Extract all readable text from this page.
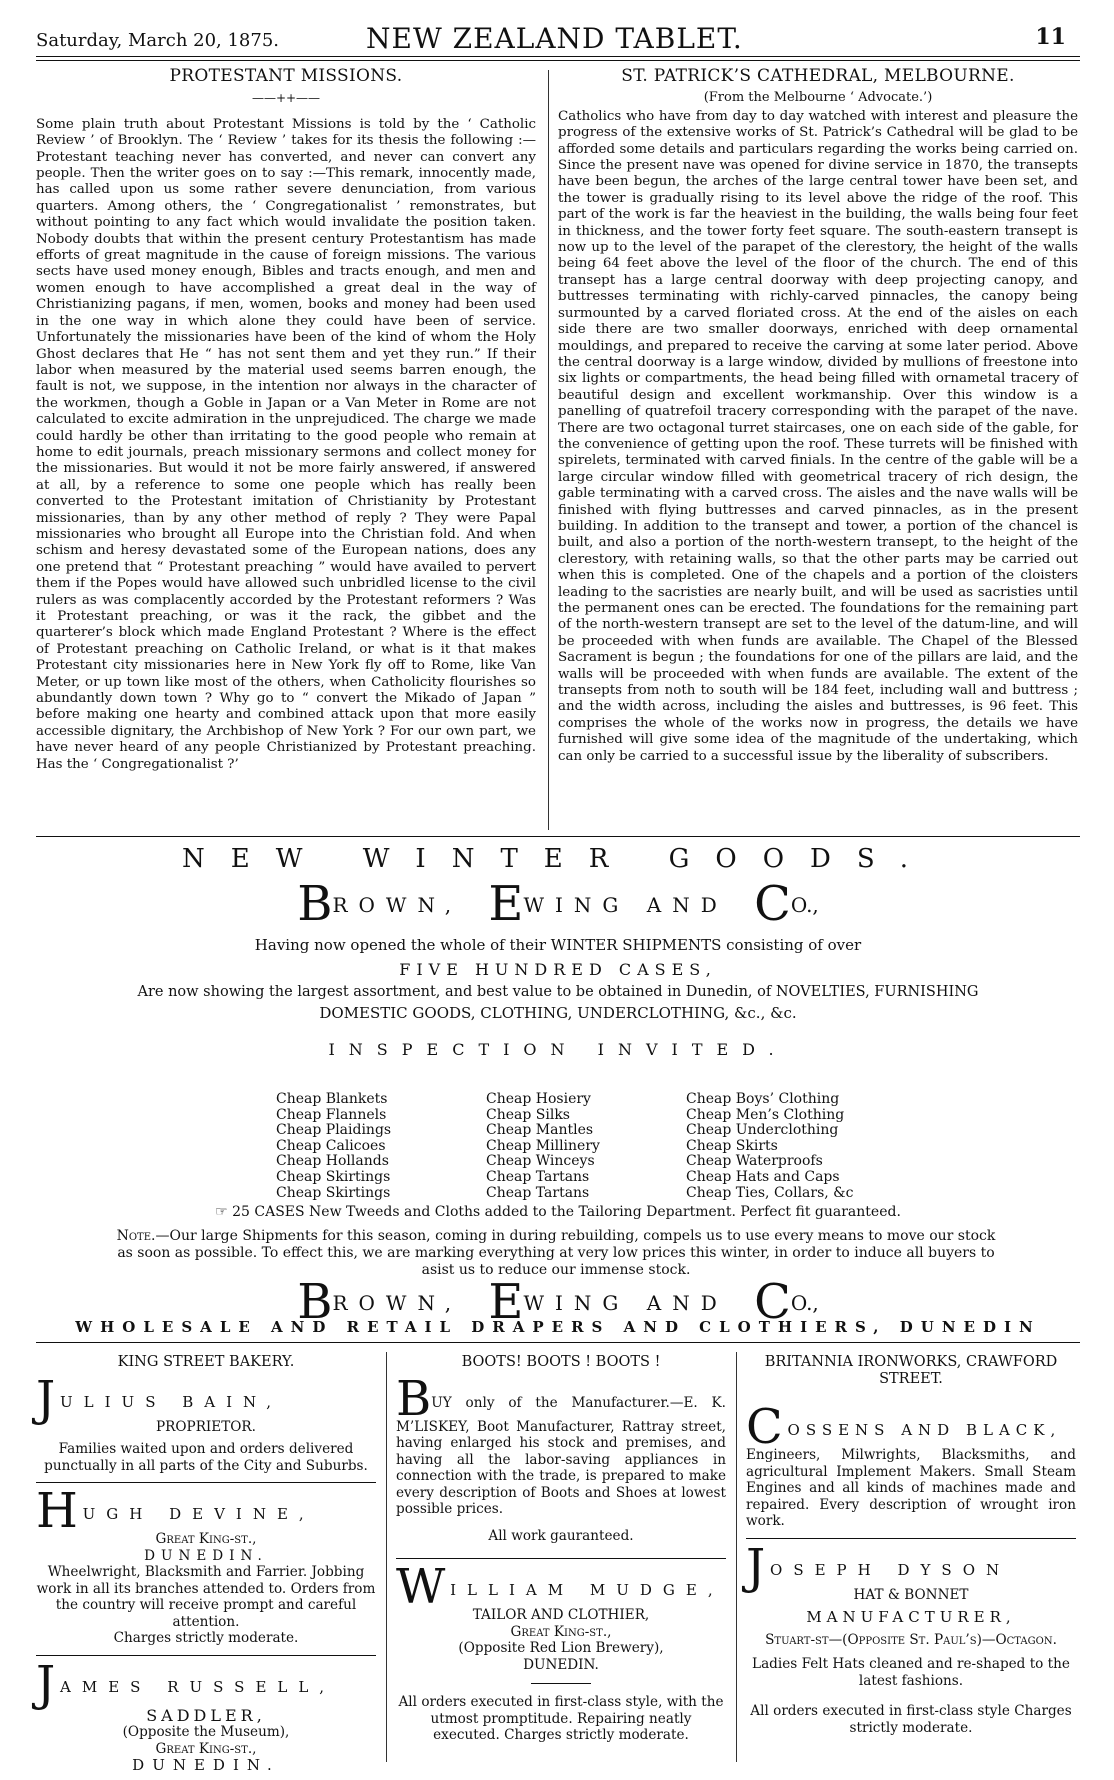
Saturday, March 20, 1875.	NEW ZEALAND TABLET.	11
PROTESTANT MISSIONS.
——++——

Some plain truth about Protestant Missions is told by the ‘ Catholic Review ’ of Brooklyn. The ‘ Review ’ takes for its thesis the following :—Protestant teaching never has converted, and never can convert any people. Then the writer goes on to say :—This remark, innocently made, has called upon us some rather severe denunciation, from various quarters. Among others, the ‘ Congregationalist ’ remonstrates, but without pointing to any fact which would invalidate the position taken. Nobody doubts that within the present century Protestantism has made efforts of great magnitude in the cause of foreign missions. The various sects have used money enough, Bibles and tracts enough, and men and women enough to have accomplished a great deal in the way of Christianizing pagans, if men, women, books and money had been used in the one way in which alone they could have been of service. Unfortunately the missionaries have been of the kind of whom the Holy Ghost declares that He “ has not sent them and yet they run.” If their labor when measured by the material used seems barren enough, the fault is not, we suppose, in the intention nor always in the character of the workmen, though a Goble in Japan or a Van Meter in Rome are not calculated to excite admiration in the unprejudiced. The charge we made could hardly be other than irritating to the good people who remain at home to edit journals, preach missionary sermons and collect money for the missionaries. But would it not be more fairly answered, if answered at all, by a reference to some one people which has really been converted to the Protestant imitation of Christianity by Protestant missionaries, than by any other method of reply ? They were Papal missionaries who brought all Europe into the Christian fold. And when schism and heresy devastated some of the European nations, does any one pretend that “ Protestant preaching ” would have availed to pervert them if the Popes would have allowed such unbridled license to the civil rulers as was complacently accorded by the Protestant reformers ? Was it Protestant preaching, or was it the rack, the gibbet and the quarterer’s block which made England Protestant ? Where is the effect of Protestant preaching on Catholic Ireland, or what is it that makes Protestant city missionaries here in New York fly off to Rome, like Van Meter, or up town like most of the others, when Catholicity flourishes so abundantly down town ? Why go to “ convert the Mikado of Japan ” before making one hearty and combined attack upon that more easily accessible dignitary, the Archbishop of New York ? For our own part, we have never heard of any people Christianized by Protestant preaching. Has the ‘ Congregationalist ?’

ST. PATRICK’S CATHEDRAL, MELBOURNE.
(From the Melbourne ‘ Advocate.’)

Catholics who have from day to day watched with interest and pleasure the progress of the extensive works of St. Patrick’s Cathedral will be glad to be afforded some details and particulars regarding the works being carried on. Since the present nave was opened for divine service in 1870, the transepts have been begun, the arches of the large central tower have been set, and the tower is gradually rising to its level above the ridge of the roof. This part of the work is far the heaviest in the building, the walls being four feet in thickness, and the tower forty feet square. The south-eastern transept is now up to the level of the parapet of the clerestory, the height of the walls being 64 feet above the level of the floor of the church. The end of this transept has a large central doorway with deep projecting canopy, and buttresses terminating with richly-carved pinnacles, the canopy being surmounted by a carved floriated cross. At the end of the aisles on each side there are two smaller doorways, enriched with deep ornamental mouldings, and prepared to receive the carving at some later period. Above the central doorway is a large window, divided by mullions of freestone into six lights or compartments, the head being filled with ornametal tracery of beautiful design and excellent workmanship. Over this window is a panelling of quatrefoil tracery corresponding with the parapet of the nave. There are two octagonal turret staircases, one on each side of the gable, for the convenience of getting upon the roof. These turrets will be finished with spirelets, terminated with carved finials. In the centre of the gable will be a large circular window filled with geometrical tracery of rich design, the gable terminating with a carved cross. The aisles and the nave walls will be finished with flying buttresses and carved pinnacles, as in the present building. In addition to the transept and tower, a portion of the chancel is built, and also a portion of the north-western transept, to the height of the clerestory, with retaining walls, so that the other parts may be carried out when this is completed. One of the chapels and a portion of the cloisters leading to the sacristies are nearly built, and will be used as sacristies until the permanent ones can be erected. The foundations for the remaining part of the north-western transept are set to the level of the datum-line, and will be proceeded with when funds are available. The Chapel of the Blessed Sacrament is begun ; the foundations for one of the pillars are laid, and the walls will be proceeded with when funds are available. The extent of the transepts from noth to south will be 184 feet, including wall and buttress ; and the width across, including the aisles and buttresses, is 96 feet. This comprises the whole of the works now in progress, the details we have furnished will give some idea of the magnitude of the undertaking, which can only be carried to a successful issue by the liberality of subscribers.

NEW WINTER GOODS.
BROWN, EWING AND CO.,
Having now opened the whole of their WINTER SHIPMENTS consisting of over
FIVE HUNDRED CASES,
Are now showing the largest assortment, and best value to be obtained in Dunedin, of NOVELTIES, FURNISHING
DOMESTIC GOODS, CLOTHING, UNDERCLOTHING, &c., &c.
INSPECTION INVITED.
Cheap Blankets
Cheap Flannels
Cheap Plaidings
Cheap Calicoes
Cheap Hollands
Cheap Skirtings
Cheap Skirtings
Cheap Hosiery
Cheap Silks
Cheap Mantles
Cheap Millinery
Cheap Winceys
Cheap Tartans
Cheap Tartans
Cheap Boys’ Clothing
Cheap Men’s Clothing
Cheap Underclothing
Cheap Skirts
Cheap Waterproofs
Cheap Hats and Caps
Cheap Ties, Collars, &c
☞ 25 CASES New Tweeds and Cloths added to the Tailoring Department. Perfect fit guaranteed.
Note.—Our large Shipments for this season, coming in during rebuilding, compels us to use every means to move our stock as soon as possible. To effect this, we are marking everything at very low prices this winter, in order to induce all buyers to asist us to reduce our immense stock.
BROWN, EWING AND CO.,
WHOLESALE AND RETAIL DRAPERS AND CLOTHIERS, DUNEDIN
KING STREET BAKERY.
J ULIUS BAIN,
PROPRIETOR.
Families waited upon and orders delivered punctually in all parts of the City and Suburbs.
H UGH DEVINE,
Great King-st.,
DUNEDIN.
Wheelwright, Blacksmith and Farrier. Jobbing work in all its branches attended to. Orders from the country will receive prompt and careful attention.
Charges strictly moderate.
J AMES RUSSELL,
SADDLER,
(Opposite the Museum),
Great King-st.,
DUNEDIN.
BOOTS! BOOTS ! BOOTS !
BUY only of the Manufacturer.—E. K. M’LISKEY, Boot Manufacturer, Rattray street, having enlarged his stock and premises, and having all the labor-saving appliances in connection with the trade, is prepared to make every description of Boots and Shoes at lowest possible prices.
All work gauranteed.
W ILLIAM MUDGE,
TAILOR AND CLOTHIER,
Great King-st.,
(Opposite Red Lion Brewery),
DUNEDIN.
All orders executed in first-class style, with the utmost promptitude. Repairing neatly executed. Charges strictly moderate.
BRITANNIA IRONWORKS, CRAWFORD STREET.
C OSSENS AND BLACK,
Engineers, Milwrights, Blacksmiths, and agricultural Implement Makers. Small Steam Engines and all kinds of machines made and repaired. Every description of wrought iron work.
J OSEPH DYSON
HAT & BONNET
MANUFACTURER,
Stuart-st—(Opposite St. Paul’s)—Octagon.
Ladies Felt Hats cleaned and re-shaped to the latest fashions.
All orders executed in first-class style Charges strictly moderate.
